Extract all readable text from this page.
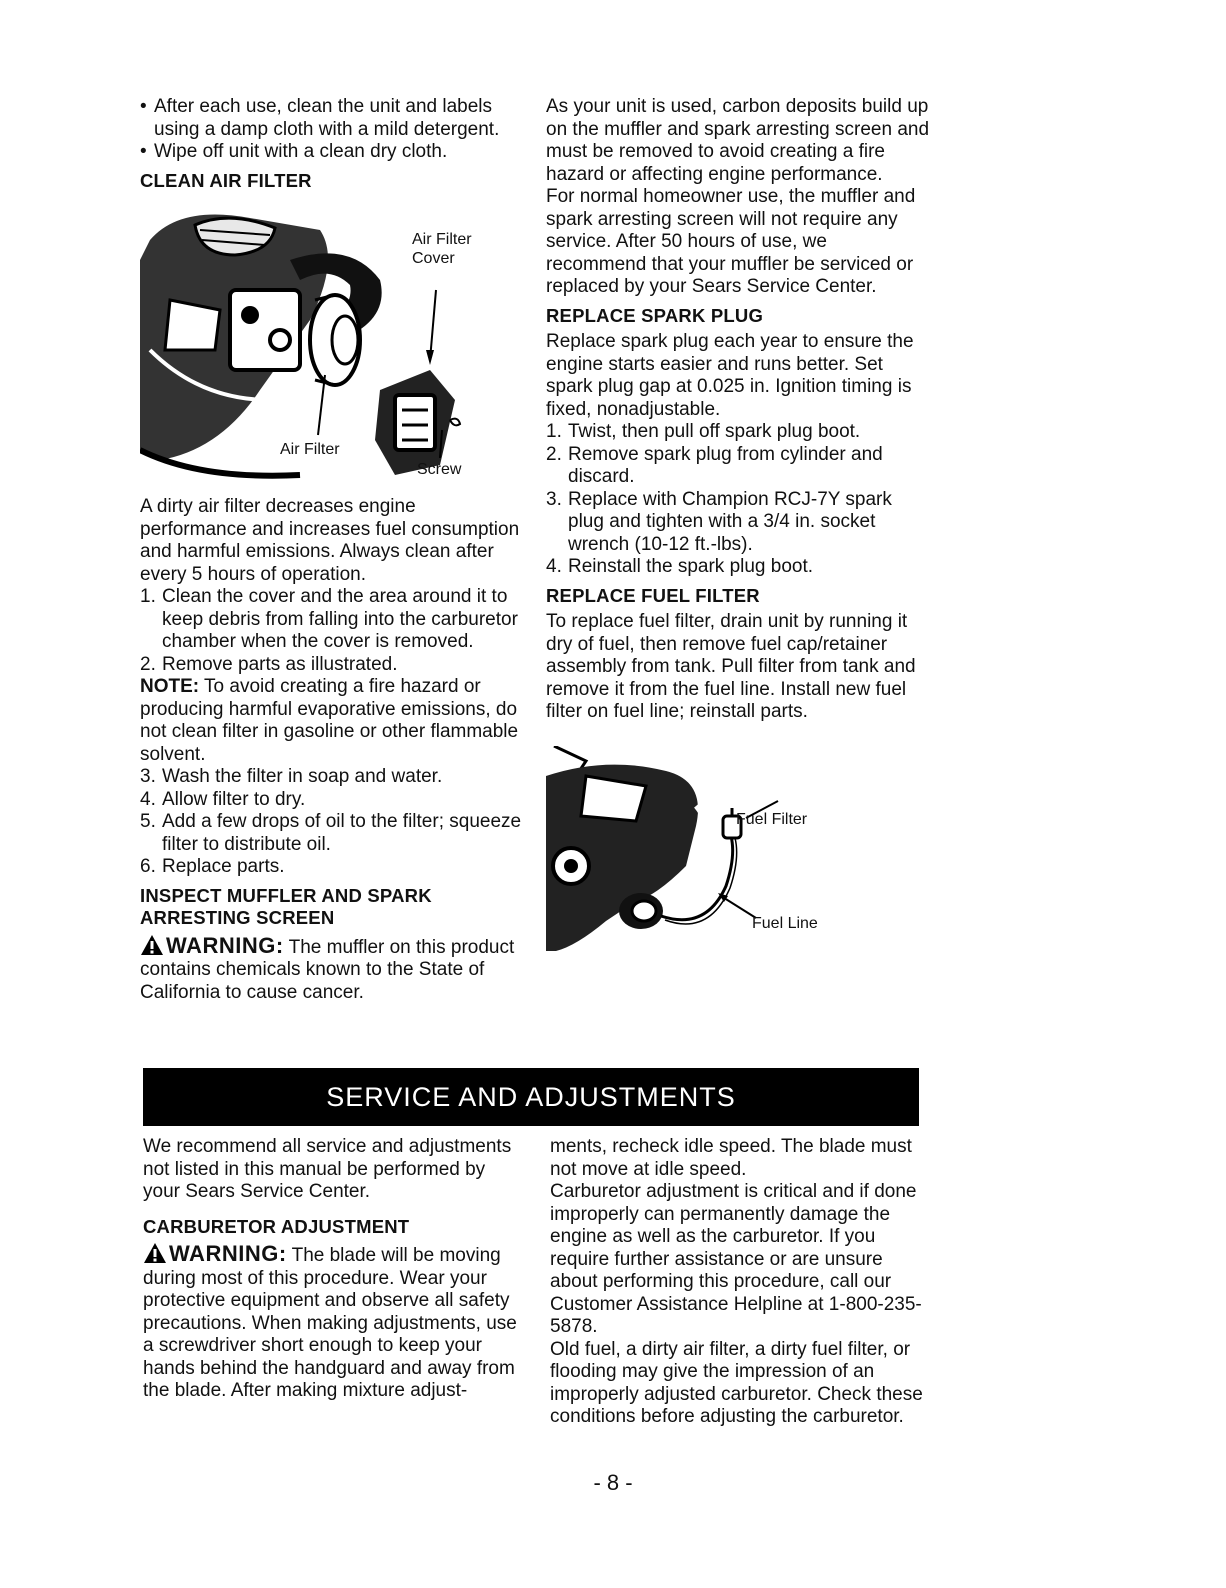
• After each use, clean the unit and labels using a damp cloth with a mild detergent.

• Wipe off unit with a clean dry cloth.

CLEAN AIR FILTER
Air Filter Cover
Air Filter
Screw

A dirty air filter decreases engine performance and increases fuel consumption and harmful emissions. Always clean after every 5 hours of operation.

1. Clean the cover and the area around it to keep debris from falling into the carburetor chamber when the cover is removed.
2. Remove parts as illustrated.

NOTE: To avoid creating a fire hazard or producing harmful evaporative emissions, do not clean filter in gasoline or other flammable solvent.

3. Wash the filter in soap and water.
4. Allow filter to dry.
5. Add a few drops of oil to the filter; squeeze filter to distribute oil.
6. Replace parts.
INSPECT MUFFLER AND SPARK ARRESTING SCREEN

WARNING: The muffler on this product contains chemicals known to the State of California to cause cancer.

As your unit is used, carbon deposits build up on the muffler and spark arresting screen and must be removed to avoid creating a fire hazard or affecting engine performance.

For normal homeowner use, the muffler and spark arresting screen will not require any service. After 50 hours of use, we recommend that your muffler be serviced or replaced by your Sears Service Center.

REPLACE SPARK PLUG

Replace spark plug each year to ensure the engine starts easier and runs better. Set spark plug gap at 0.025 in. Ignition timing is fixed, nonadjustable.

1. Twist, then pull off spark plug boot.
2. Remove spark plug from cylinder and discard.
3. Replace with Champion RCJ-7Y spark plug and tighten with a 3/4 in. socket wrench (10-12 ft.-lbs).
4. Reinstall the spark plug boot.
REPLACE FUEL FILTER

To replace fuel filter, drain unit by running it dry of fuel, then remove fuel cap/retainer assembly from tank. Pull filter from tank and remove it from the fuel line. Install new fuel filter on fuel line; reinstall parts.

Fuel Filter
Fuel Line
SERVICE AND ADJUSTMENTS

We recommend all service and adjustments not listed in this manual be performed by your Sears Service Center.

CARBURETOR ADJUSTMENT

WARNING: The blade will be moving during most of this procedure. Wear your protective equipment and observe all safety precautions. When making adjustments, use a screwdriver short enough to keep your hands behind the handguard and away from the blade. After making mixture adjust-

ments, recheck idle speed. The blade must not move at idle speed.

Carburetor adjustment is critical and if done improperly can permanently damage the engine as well as the carburetor. If you require further assistance or are unsure about performing this procedure, call our Customer Assistance Helpline at 1-800-235-5878.

Old fuel, a dirty air filter, a dirty fuel filter, or flooding may give the impression of an improperly adjusted carburetor. Check these conditions before adjusting the carburetor.

- 8 -
